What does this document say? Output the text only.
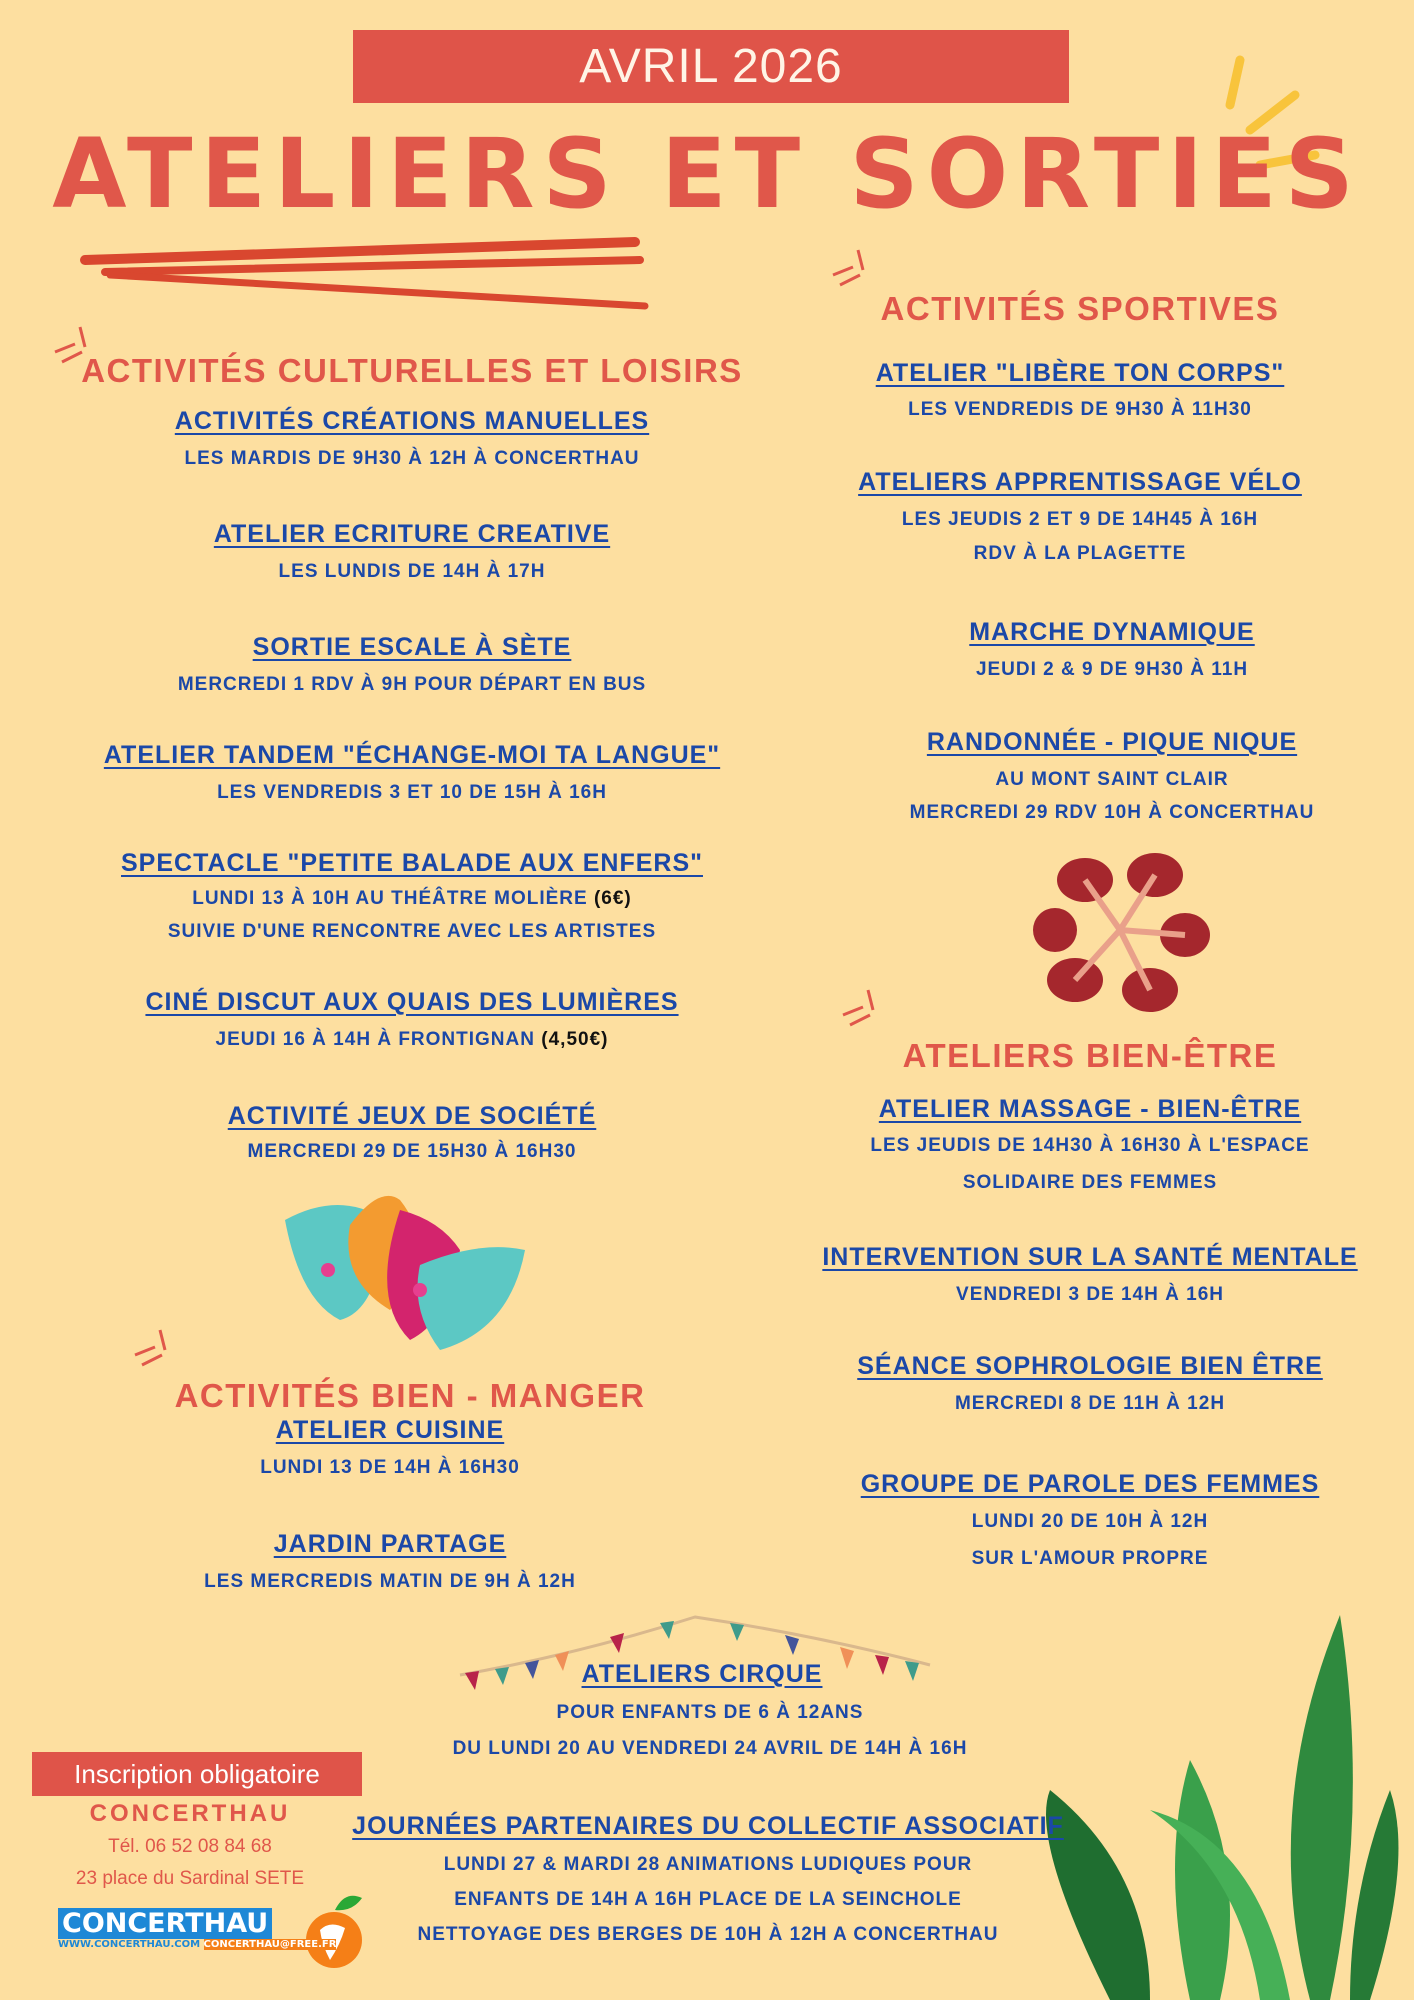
AVRIL 2026
ATELIERS ET SORTIES
ACTIVITÉS CULTURELLES ET LOISIRS
ACTIVITÉS CRÉATIONS MANUELLES
LES MARDIS DE 9H30 À 12H À CONCERTHAU
ATELIER ECRITURE CREATIVE
LES LUNDIS DE 14H À 17H
SORTIE ESCALE À SÈTE
MERCREDI 1 RDV À 9H POUR DÉPART EN BUS
ATELIER TANDEM "ÉCHANGE-MOI TA LANGUE"
LES VENDREDIS 3 ET 10 DE 15H À 16H
SPECTACLE "PETITE BALADE AUX ENFERS"
LUNDI 13 À 10H AU THÉÂTRE MOLIÈRE (6€)
SUIVIE D'UNE RENCONTRE AVEC LES ARTISTES
CINÉ DISCUT AUX QUAIS DES LUMIÈRES
JEUDI 16 À 14H À FRONTIGNAN (4,50€)
ACTIVITÉ JEUX DE SOCIÉTÉ
MERCREDI 29 DE 15H30 À 16H30
ACTIVITÉS BIEN - MANGER
ATELIER CUISINE
LUNDI 13 DE 14H À 16H30
JARDIN PARTAGE
LES MERCREDIS MATIN DE 9H À 12H
ACTIVITÉS SPORTIVES
ATELIER "LIBÈRE TON CORPS"
LES VENDREDIS DE 9H30 À 11H30
ATELIERS APPRENTISSAGE VÉLO
LES JEUDIS 2 ET 9 DE 14H45 À 16H
RDV À LA PLAGETTE
MARCHE DYNAMIQUE
JEUDI 2 & 9 DE 9H30 À 11H
RANDONNÉE - PIQUE NIQUE
AU MONT SAINT CLAIR
MERCREDI 29 RDV 10H À CONCERTHAU
ATELIERS BIEN-ÊTRE
ATELIER MASSAGE - BIEN-ÊTRE
LES JEUDIS DE 14H30 À 16H30 À L'ESPACE
SOLIDAIRE DES FEMMES
INTERVENTION SUR LA SANTÉ MENTALE
VENDREDI 3 DE 14H À 16H
SÉANCE SOPHROLOGIE BIEN ÊTRE
MERCREDI 8 DE 11H À 12H
GROUPE DE PAROLE DES FEMMES
LUNDI 20 DE 10H À 12H
SUR L'AMOUR PROPRE
ATELIERS CIRQUE
POUR ENFANTS DE 6 À 12ANS
DU LUNDI 20 AU VENDREDI 24 AVRIL DE 14H À 16H
JOURNÉES PARTENAIRES DU COLLECTIF ASSOCIATIF
LUNDI 27 & MARDI 28 ANIMATIONS LUDIQUES POUR
ENFANTS DE 14H A 16H PLACE DE LA SEINCHOLE
NETTOYAGE DES BERGES DE 10H À 12H A CONCERTHAU
Inscription obligatoire
CONCERTHAU
Tél. 06 52 08 84 68
23 place du Sardinal SETE
CONCERTHAU
WWW.CONCERTHAU.COM CONCERTHAU@FREE.FR
